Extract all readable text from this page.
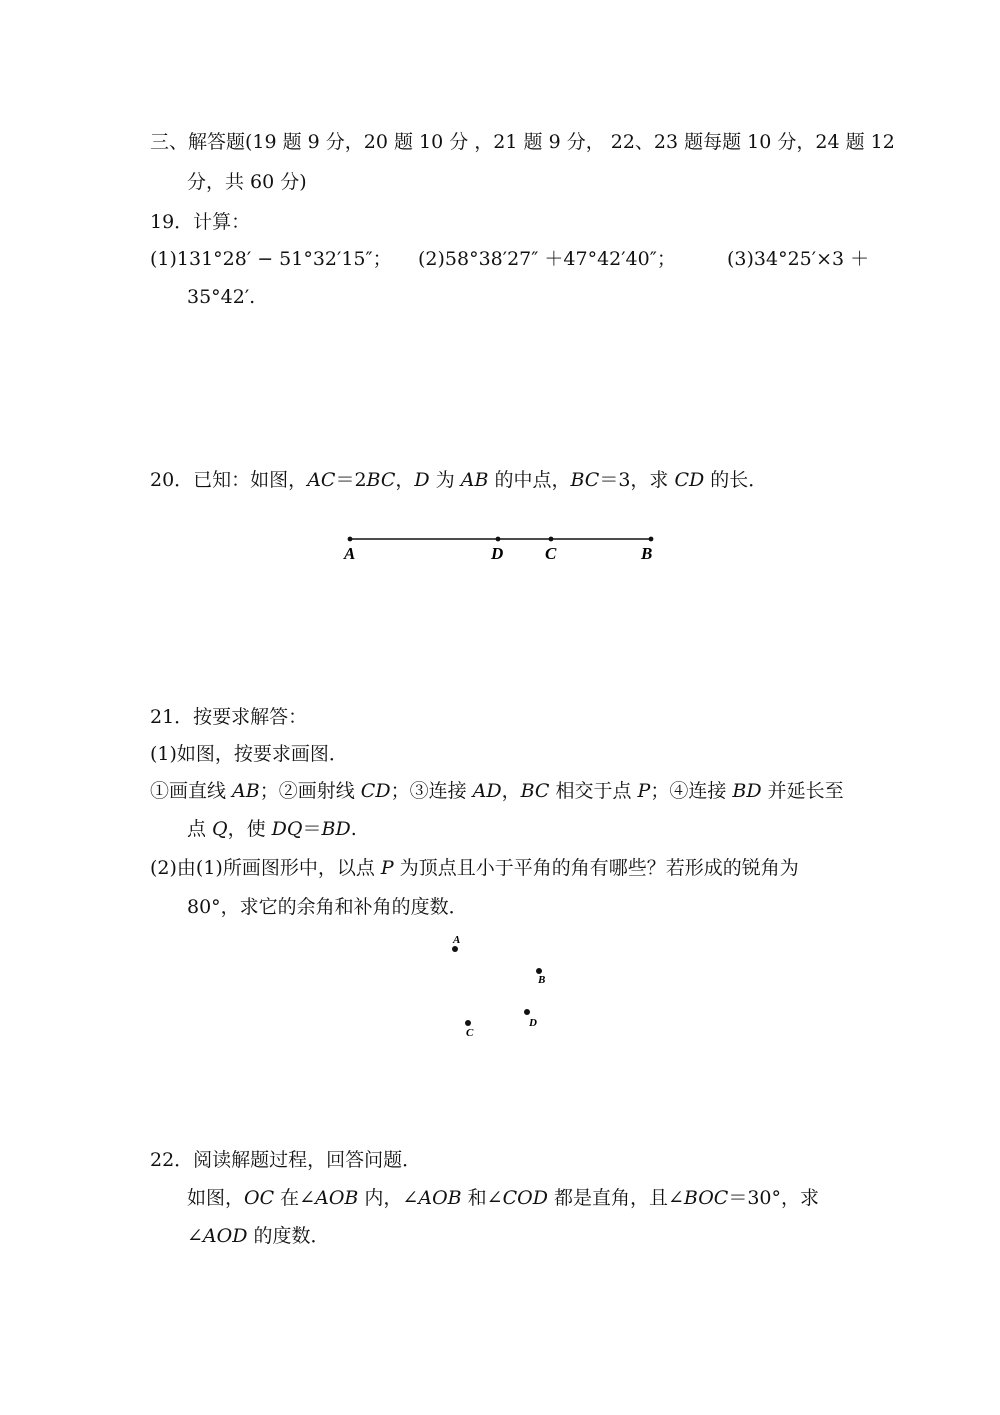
三、解答题(19 题 9 分，20 题 10 分 ，21 题 9 分， 22、23 题每题 10 分，24 题 12
分，共 60 分)
19．计算：
(1)131°28′ − 51°32′15″； (2)58°38′27″ ＋47°42′40″；	(3)34°25′×3 ＋
35°42′.
20．已知：如图，AC＝2BC，D 为 AB 的中点，BC＝3，求 CD 的长．
A	D C	B
21．按要求解答：
(1)如图，按要求画图．
①画直线 AB；②画射线 CD；③连接 AD，BC 相交于点 P；④连接 BD 并延长至
点 Q，使 DQ＝BD.
(2)由(1)所画图形中，以点 P 为顶点且小于平角的角有哪些？若形成的锐角为
80°，求它的余角和补角的度数．
A
B
D
C
22．阅读解题过程，回答问题．
如图，OC 在∠AOB 内，∠AOB 和∠COD 都是直角，且∠BOC＝30°，求
∠AOD 的度数．
